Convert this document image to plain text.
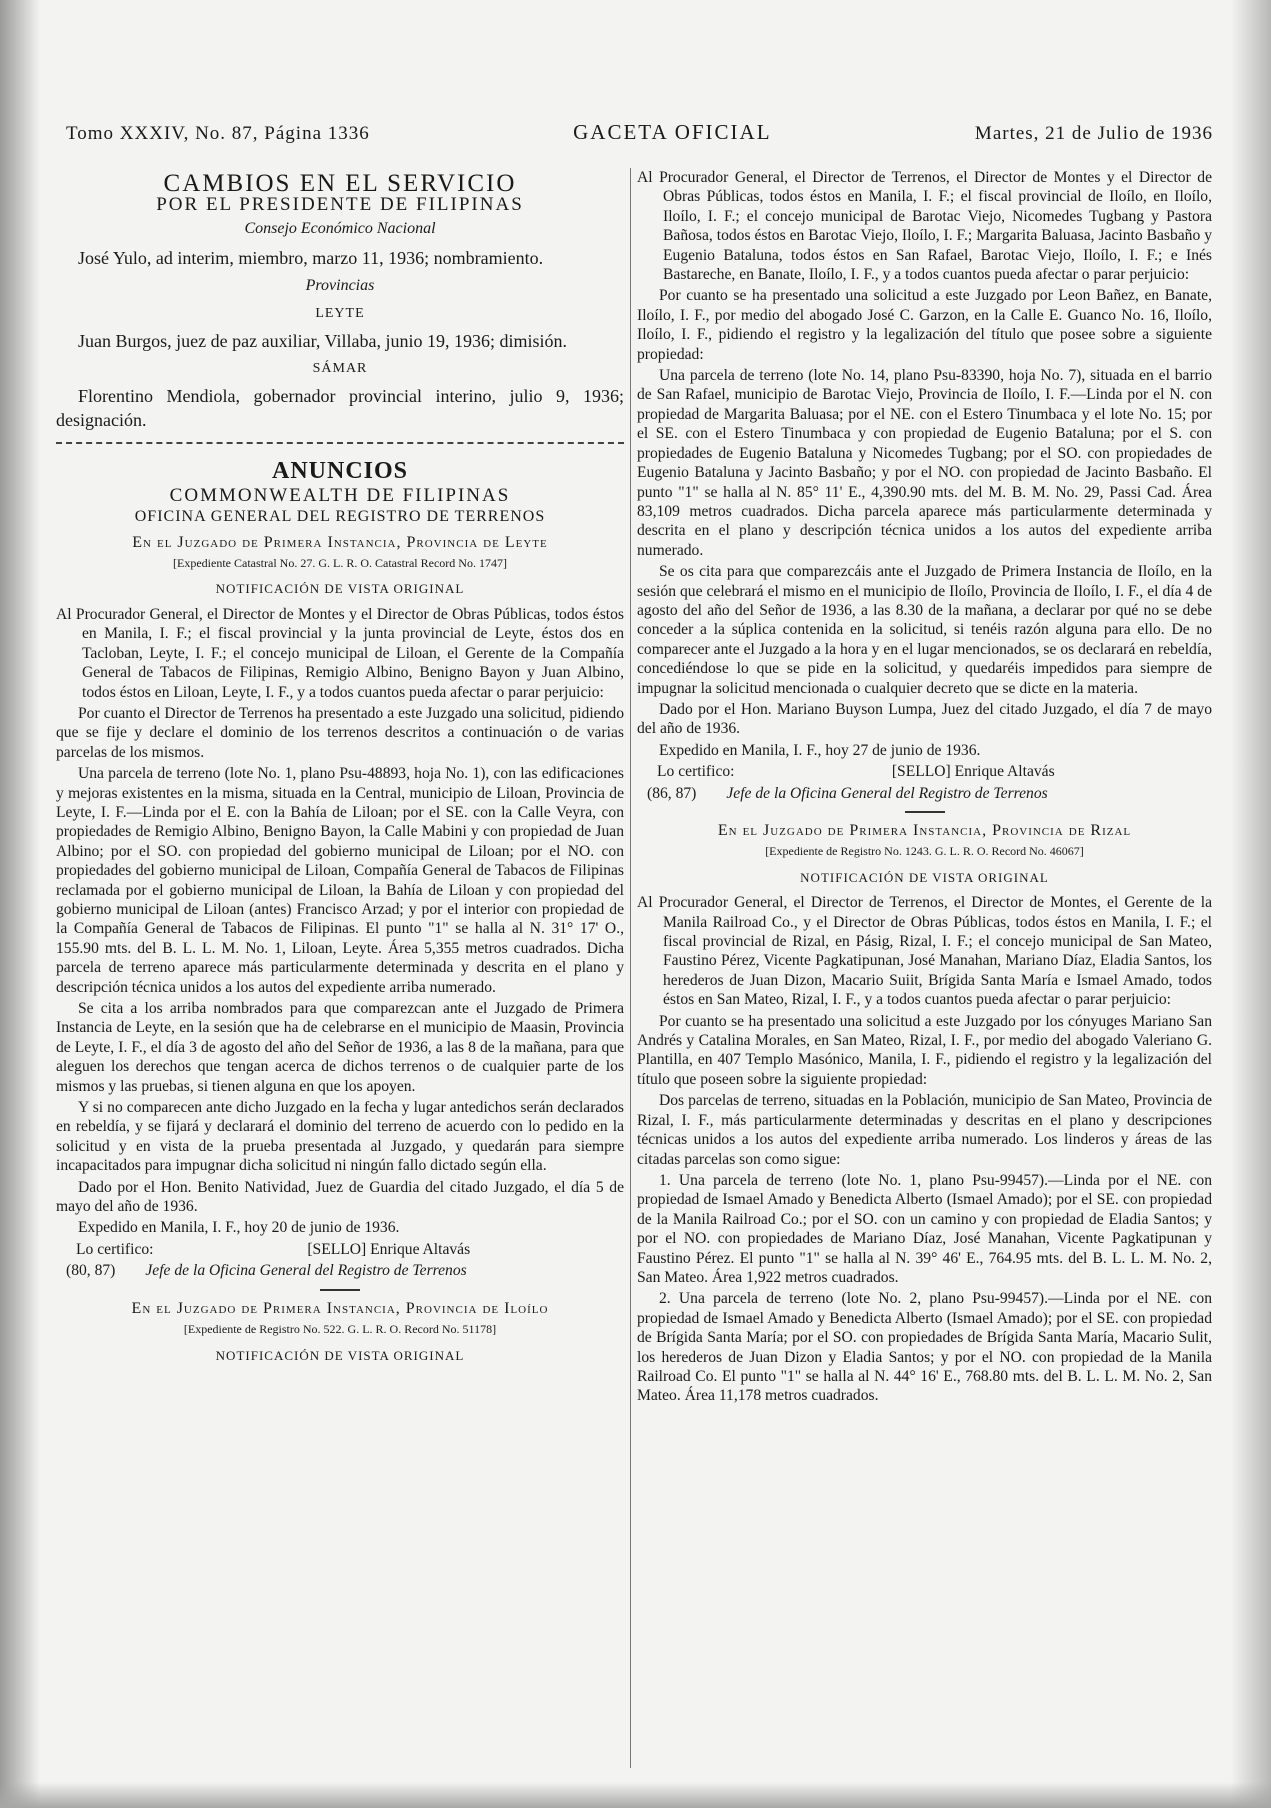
Tomo XXXIV, No. 87, Página 1336	GACETA OFICIAL	Martes, 21 de Julio de 1936
CAMBIOS EN EL SERVICIO
POR EL PRESIDENTE DE FILIPINAS
Consejo Económico Nacional

José Yulo, ad interim, miembro, marzo 11, 1936; nombramiento.

Provincias
LEYTE

Juan Burgos, juez de paz auxiliar, Villaba, junio 19, 1936; dimisión.

SÁMAR

Florentino Mendiola, gobernador provincial interino, julio 9, 1936; designación.

ANUNCIOS
COMMONWEALTH DE FILIPINAS
OFICINA GENERAL DEL REGISTRO DE TERRENOS
En el Juzgado de Primera Instancia, Provincia de Leyte
[Expediente Catastral No. 27. G. L. R. O. Catastral Record No. 1747]
NOTIFICACIÓN DE VISTA ORIGINAL

Al Procurador General, el Director de Montes y el Director de Obras Públicas, todos éstos en Manila, I. F.; el fiscal provincial y la junta provincial de Leyte, éstos dos en Tacloban, Leyte, I. F.; el concejo municipal de Liloan, el Gerente de la Compañía General de Tabacos de Filipinas, Remigio Albino, Benigno Bayon y Juan Albino, todos éstos en Liloan, Leyte, I. F., y a todos cuantos pueda afectar o parar perjuicio:

Por cuanto el Director de Terrenos ha presentado a este Juzgado una solicitud, pidiendo que se fije y declare el dominio de los terrenos descritos a continuación o de varias parcelas de los mismos.

Una parcela de terreno (lote No. 1, plano Psu-48893, hoja No. 1), con las edificaciones y mejoras existentes en la misma, situada en la Central, municipio de Liloan, Provincia de Leyte, I. F.—Linda por el E. con la Bahía de Liloan; por el SE. con la Calle Veyra, con propiedades de Remigio Albino, Benigno Bayon, la Calle Mabini y con propiedad de Juan Albino; por el SO. con propiedad del gobierno municipal de Liloan; por el NO. con propiedades del gobierno municipal de Liloan, Compañía General de Tabacos de Filipinas reclamada por el gobierno municipal de Liloan, la Bahía de Liloan y con propiedad del gobierno municipal de Liloan (antes) Francisco Arzad; y por el interior con propiedad de la Compañía General de Tabacos de Filipinas. El punto "1" se halla al N. 31° 17' O., 155.90 mts. del B. L. L. M. No. 1, Liloan, Leyte. Área 5,355 metros cuadrados. Dicha parcela de terreno aparece más particularmente determinada y descrita en el plano y descripción técnica unidos a los autos del expediente arriba numerado.

Se cita a los arriba nombrados para que comparezcan ante el Juzgado de Primera Instancia de Leyte, en la sesión que ha de celebrarse en el municipio de Maasin, Provincia de Leyte, I. F., el día 3 de agosto del año del Señor de 1936, a las 8 de la mañana, para que aleguen los derechos que tengan acerca de dichos terrenos o de cualquier parte de los mismos y las pruebas, si tienen alguna en que los apoyen.

Y si no comparecen ante dicho Juzgado en la fecha y lugar antedichos serán declarados en rebeldía, y se fijará y declarará el dominio del terreno de acuerdo con lo pedido en la solicitud y en vista de la prueba presentada al Juzgado, y quedarán para siempre incapacitados para impugnar dicha solicitud ni ningún fallo dictado según ella.

Dado por el Hon. Benito Natividad, Juez de Guardia del citado Juzgado, el día 5 de mayo del año de 1936.

Expedido en Manila, I. F., hoy 20 de junio de 1936.

Lo certifico:	[SELLO] Enrique Altavás
(80, 87) Jefe de la Oficina General del Registro de Terrenos
En el Juzgado de Primera Instancia, Provincia de Iloílo
[Expediente de Registro No. 522. G. L. R. O. Record No. 51178]
NOTIFICACIÓN DE VISTA ORIGINAL

Al Procurador General, el Director de Terrenos, el Director de Montes y el Director de Obras Públicas, todos éstos en Manila, I. F.; el fiscal provincial de Iloílo, en Iloílo, Iloílo, I. F.; el concejo municipal de Barotac Viejo, Nicomedes Tugbang y Pastora Bañosa, todos éstos en Barotac Viejo, Iloílo, I. F.; Margarita Baluasa, Jacinto Basbaño y Eugenio Bataluna, todos éstos en San Rafael, Barotac Viejo, Iloílo, I. F.; e Inés Bastareche, en Banate, Iloílo, I. F., y a todos cuantos pueda afectar o parar perjuicio:

Por cuanto se ha presentado una solicitud a este Juzgado por Leon Bañez, en Banate, Iloílo, I. F., por medio del abogado José C. Garzon, en la Calle E. Guanco No. 16, Iloílo, Iloílo, I. F., pidiendo el registro y la legalización del título que posee sobre a siguiente propiedad:

Una parcela de terreno (lote No. 14, plano Psu-83390, hoja No. 7), situada en el barrio de San Rafael, municipio de Barotac Viejo, Provincia de Iloílo, I. F.—Linda por el N. con propiedad de Margarita Baluasa; por el NE. con el Estero Tinumbaca y el lote No. 15; por el SE. con el Estero Tinumbaca y con propiedad de Eugenio Bataluna; por el S. con propiedades de Eugenio Bataluna y Nicomedes Tugbang; por el SO. con propiedades de Eugenio Bataluna y Jacinto Basbaño; y por el NO. con propiedad de Jacinto Basbaño. El punto "1" se halla al N. 85° 11' E., 4,390.90 mts. del M. B. M. No. 29, Passi Cad. Área 83,109 metros cuadrados. Dicha parcela aparece más particularmente determinada y descrita en el plano y descripción técnica unidos a los autos del expediente arriba numerado.

Se os cita para que comparezcáis ante el Juzgado de Primera Instancia de Iloílo, en la sesión que celebrará el mismo en el municipio de Iloílo, Provincia de Iloílo, I. F., el día 4 de agosto del año del Señor de 1936, a las 8.30 de la mañana, a declarar por qué no se debe conceder a la súplica contenida en la solicitud, si tenéis razón alguna para ello. De no comparecer ante el Juzgado a la hora y en el lugar mencionados, se os declarará en rebeldía, concediéndose lo que se pide en la solicitud, y quedaréis impedidos para siempre de impugnar la solicitud mencionada o cualquier decreto que se dicte en la materia.

Dado por el Hon. Mariano Buyson Lumpa, Juez del citado Juzgado, el día 7 de mayo del año de 1936.

Expedido en Manila, I. F., hoy 27 de junio de 1936.

Lo certifico:	[SELLO] Enrique Altavás
(86, 87) Jefe de la Oficina General del Registro de Terrenos
En el Juzgado de Primera Instancia, Provincia de Rizal
[Expediente de Registro No. 1243. G. L. R. O. Record No. 46067]
NOTIFICACIÓN DE VISTA ORIGINAL

Al Procurador General, el Director de Terrenos, el Director de Montes, el Gerente de la Manila Railroad Co., y el Director de Obras Públicas, todos éstos en Manila, I. F.; el fiscal provincial de Rizal, en Pásig, Rizal, I. F.; el concejo municipal de San Mateo, Faustino Pérez, Vicente Pagkatipunan, José Manahan, Mariano Díaz, Eladia Santos, los herederos de Juan Dizon, Macario Suiit, Brígida Santa María e Ismael Amado, todos éstos en San Mateo, Rizal, I. F., y a todos cuantos pueda afectar o parar perjuicio:

Por cuanto se ha presentado una solicitud a este Juzgado por los cónyuges Mariano San Andrés y Catalina Morales, en San Mateo, Rizal, I. F., por medio del abogado Valeriano G. Plantilla, en 407 Templo Masónico, Manila, I. F., pidiendo el registro y la legalización del título que poseen sobre la siguiente propiedad:

Dos parcelas de terreno, situadas en la Población, municipio de San Mateo, Provincia de Rizal, I. F., más particularmente determinadas y descritas en el plano y descripciones técnicas unidos a los autos del expediente arriba numerado. Los linderos y áreas de las citadas parcelas son como sigue:

1. Una parcela de terreno (lote No. 1, plano Psu-99457).—Linda por el NE. con propiedad de Ismael Amado y Benedicta Alberto (Ismael Amado); por el SE. con propiedad de la Manila Railroad Co.; por el SO. con un camino y con propiedad de Eladia Santos; y por el NO. con propiedades de Mariano Díaz, José Manahan, Vicente Pagkatipunan y Faustino Pérez. El punto "1" se halla al N. 39° 46' E., 764.95 mts. del B. L. L. M. No. 2, San Mateo. Área 1,922 metros cuadrados.

2. Una parcela de terreno (lote No. 2, plano Psu-99457).—Linda por el NE. con propiedad de Ismael Amado y Benedicta Alberto (Ismael Amado); por el SE. con propiedad de Brígida Santa María; por el SO. con propiedades de Brígida Santa María, Macario Sulit, los herederos de Juan Dizon y Eladia Santos; y por el NO. con propiedad de la Manila Railroad Co. El punto "1" se halla al N. 44° 16' E., 768.80 mts. del B. L. L. M. No. 2, San Mateo. Área 11,178 metros cuadrados.
